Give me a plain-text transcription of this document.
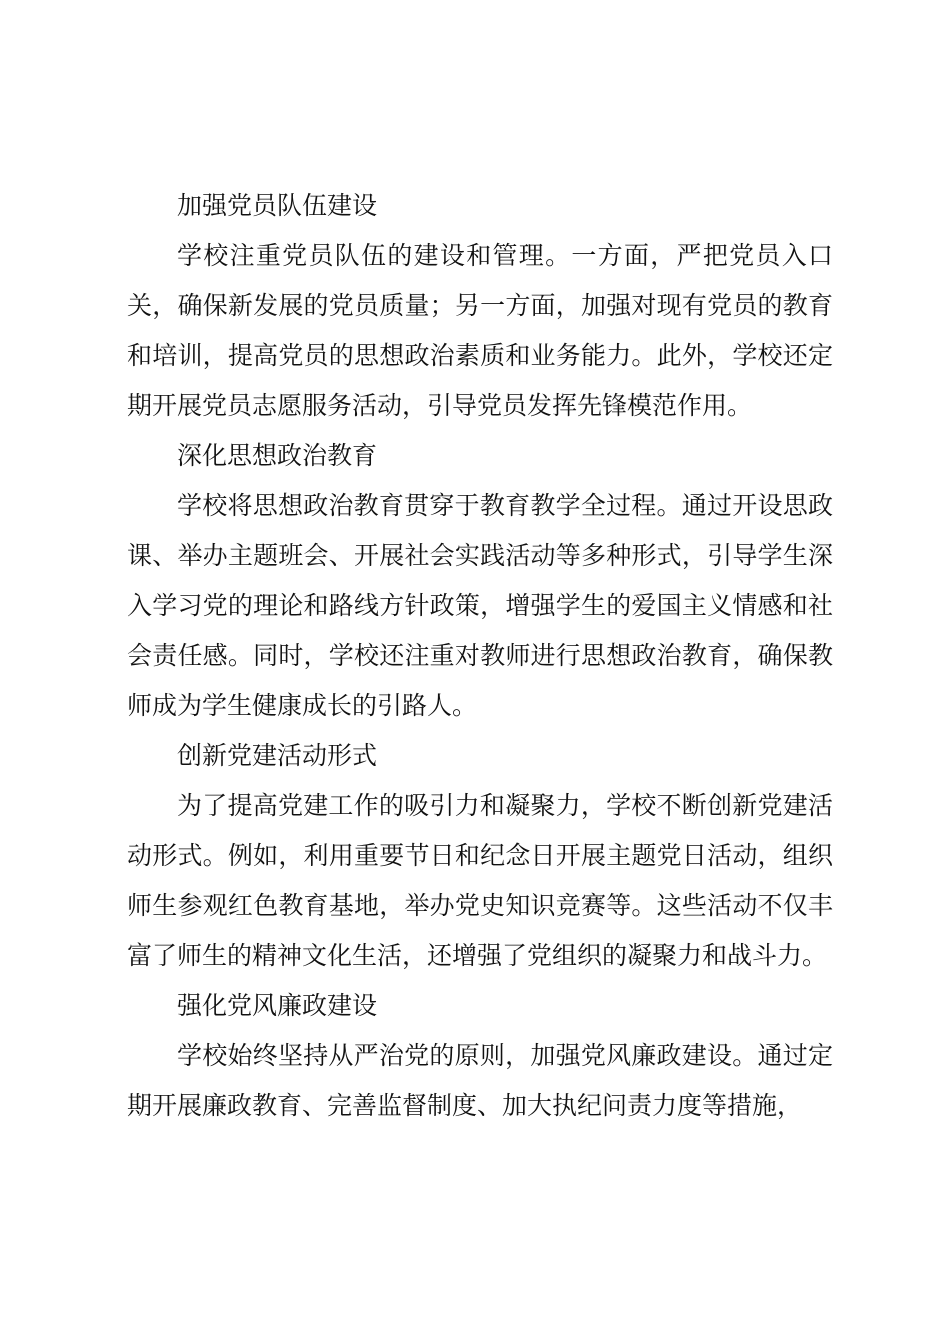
加强党员队伍建设

学校注重党员队伍的建设和管理。一方面，严把党员入口关，确保新发展的党员质量；另一方面，加强对现有党员的教育和培训，提高党员的思想政治素质和业务能力。此外，学校还定期开展党员志愿服务活动，引导党员发挥先锋模范作用。

深化思想政治教育

学校将思想政治教育贯穿于教育教学全过程。通过开设思政课、举办主题班会、开展社会实践活动等多种形式，引导学生深入学习党的理论和路线方针政策，增强学生的爱国主义情感和社会责任感。同时，学校还注重对教师进行思想政治教育，确保教师成为学生健康成长的引路人。

创新党建活动形式

为了提高党建工作的吸引力和凝聚力，学校不断创新党建活动形式。例如，利用重要节日和纪念日开展主题党日活动，组织师生参观红色教育基地，举办党史知识竞赛等。这些活动不仅丰富了师生的精神文化生活，还增强了党组织的凝聚力和战斗力。

强化党风廉政建设

学校始终坚持从严治党的原则，加强党风廉政建设。通过定期开展廉政教育、完善监督制度、加大执纪问责力度等措施，
